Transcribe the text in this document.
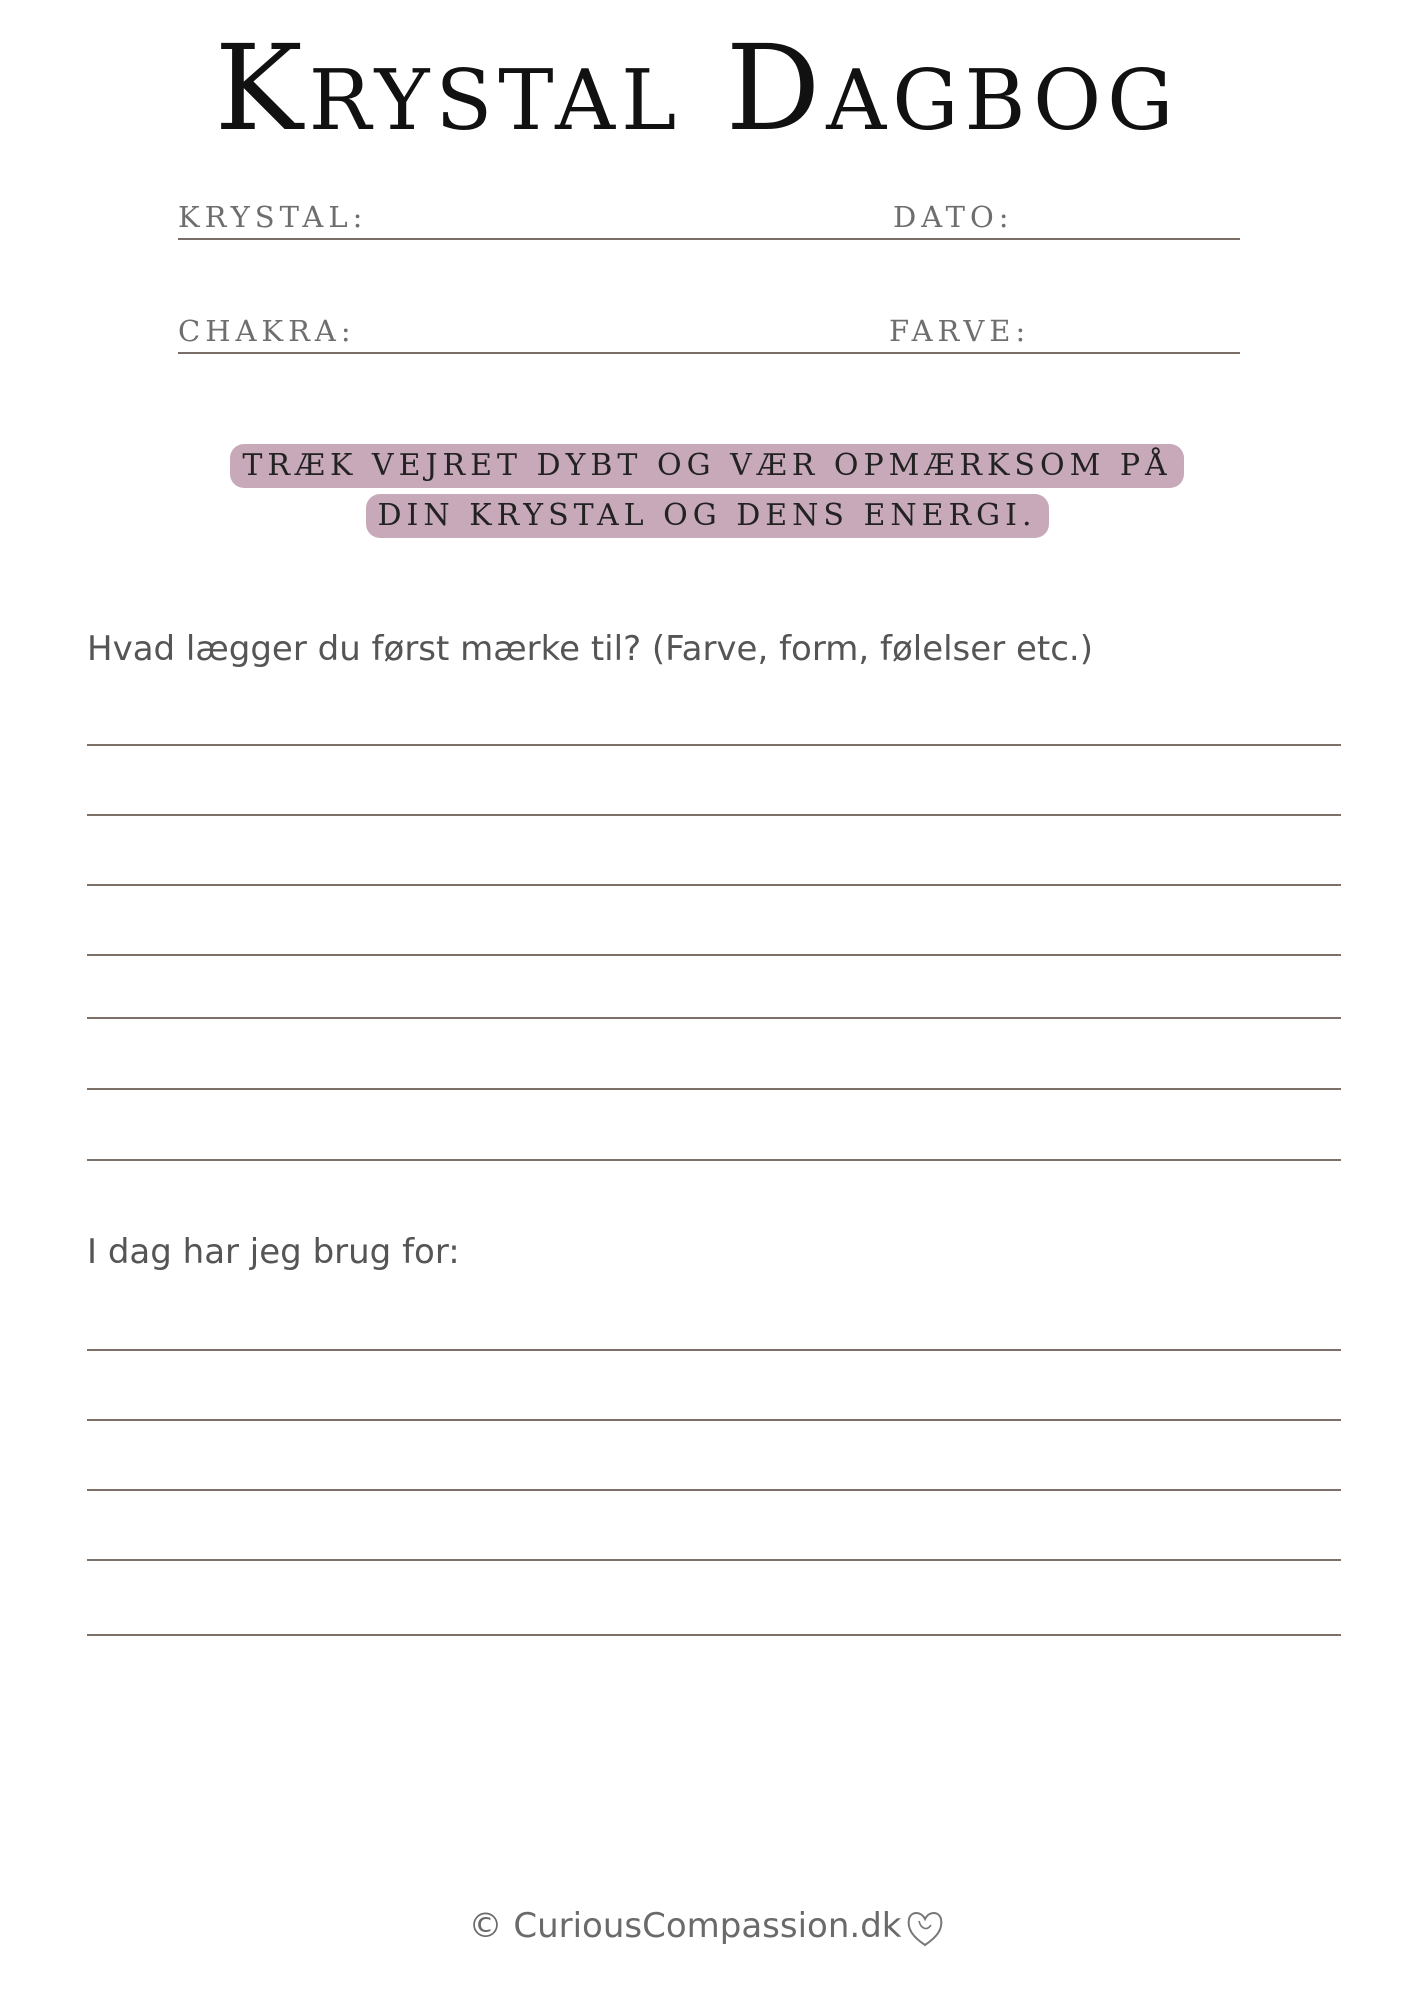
Krystal Dagbog
KRYSTAL:	DATO:
CHAKRA:	FARVE:
TRÆK VEJRET DYBT OG VÆR OPMÆRKSOM PÅ
DIN KRYSTAL OG DENS ENERGI.
Hvad lægger du først mærke til? (Farve, form, følelser etc.)
I dag har jeg brug for:
© CuriousCompassion.dk
